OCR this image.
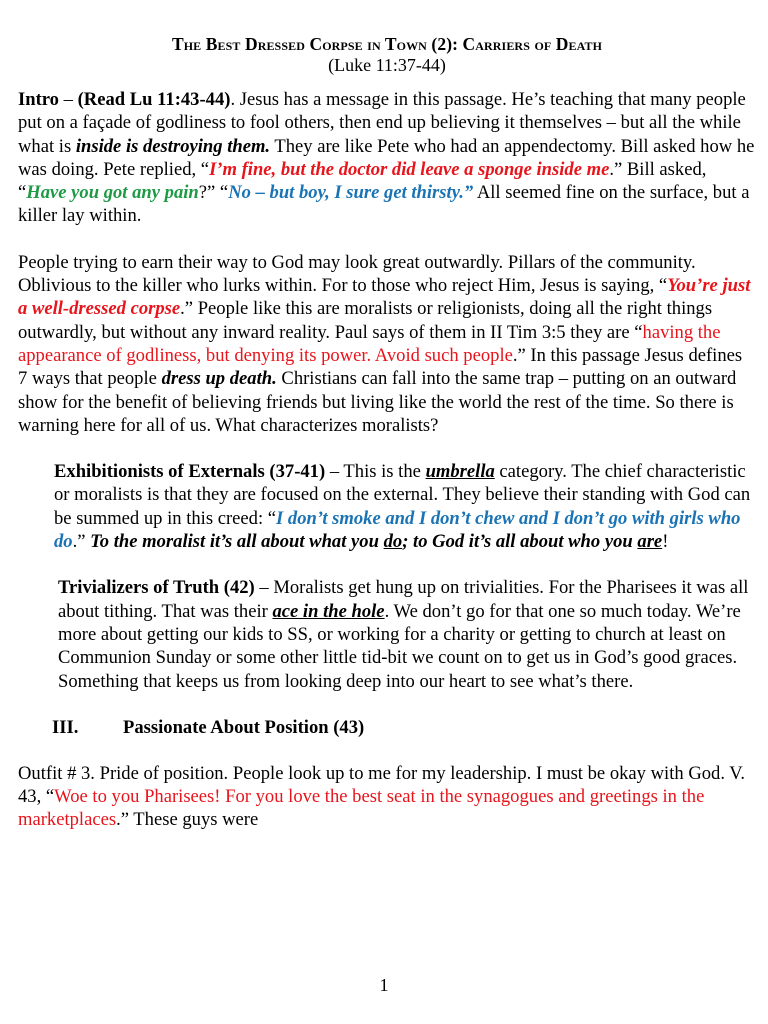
The Best Dressed Corpse in Town (2): Carriers of Death

(Luke 11:37-44)

Intro – (Read Lu 11:43-44). Jesus has a message in this passage. He’s teaching that many people put on a façade of godliness to fool others, then end up believing it themselves – but all the while what is inside is destroying them. They are like Pete who had an appendectomy. Bill asked how he was doing. Pete replied, “I’m fine, but the doctor did leave a sponge inside me.” Bill asked, “Have you got any pain?” “No – but boy, I sure get thirsty.” All seemed fine on the surface, but a killer lay within.

People trying to earn their way to God may look great outwardly. Pillars of the community. Oblivious to the killer who lurks within. For to those who reject Him, Jesus is saying, “You’re just a well-dressed corpse.” People like this are moralists or religionists, doing all the right things outwardly, but without any inward reality. Paul says of them in II Tim 3:5 they are “having the appearance of godliness, but denying its power. Avoid such people.” In this passage Jesus defines 7 ways that people dress up death. Christians can fall into the same trap – putting on an outward show for the benefit of believing friends but living like the world the rest of the time. So there is warning here for all of us. What characterizes moralists?

Exhibitionists of Externals (37-41) – This is the umbrella category. The chief characteristic or moralists is that they are focused on the external. They believe their standing with God can be summed up in this creed: “I don’t smoke and I don’t chew and I don’t go with girls who do.” To the moralist it’s all about what you do; to God it’s all about who you are!

Trivializers of Truth (42) – Moralists get hung up on trivialities. For the Pharisees it was all about tithing. That was their ace in the hole. We don’t go for that one so much today. We’re more about getting our kids to SS, or working for a charity or getting to church at least on Communion Sunday or some other little tid-bit we count on to get us in God’s good graces. Something that keeps us from looking deep into our heart to see what’s there.

III. Passionate About Position (43)

Outfit # 3. Pride of position. People look up to me for my leadership. I must be okay with God. V. 43, “Woe to you Pharisees! For you love the best seat in the synagogues and greetings in the marketplaces.” These guys were

1
